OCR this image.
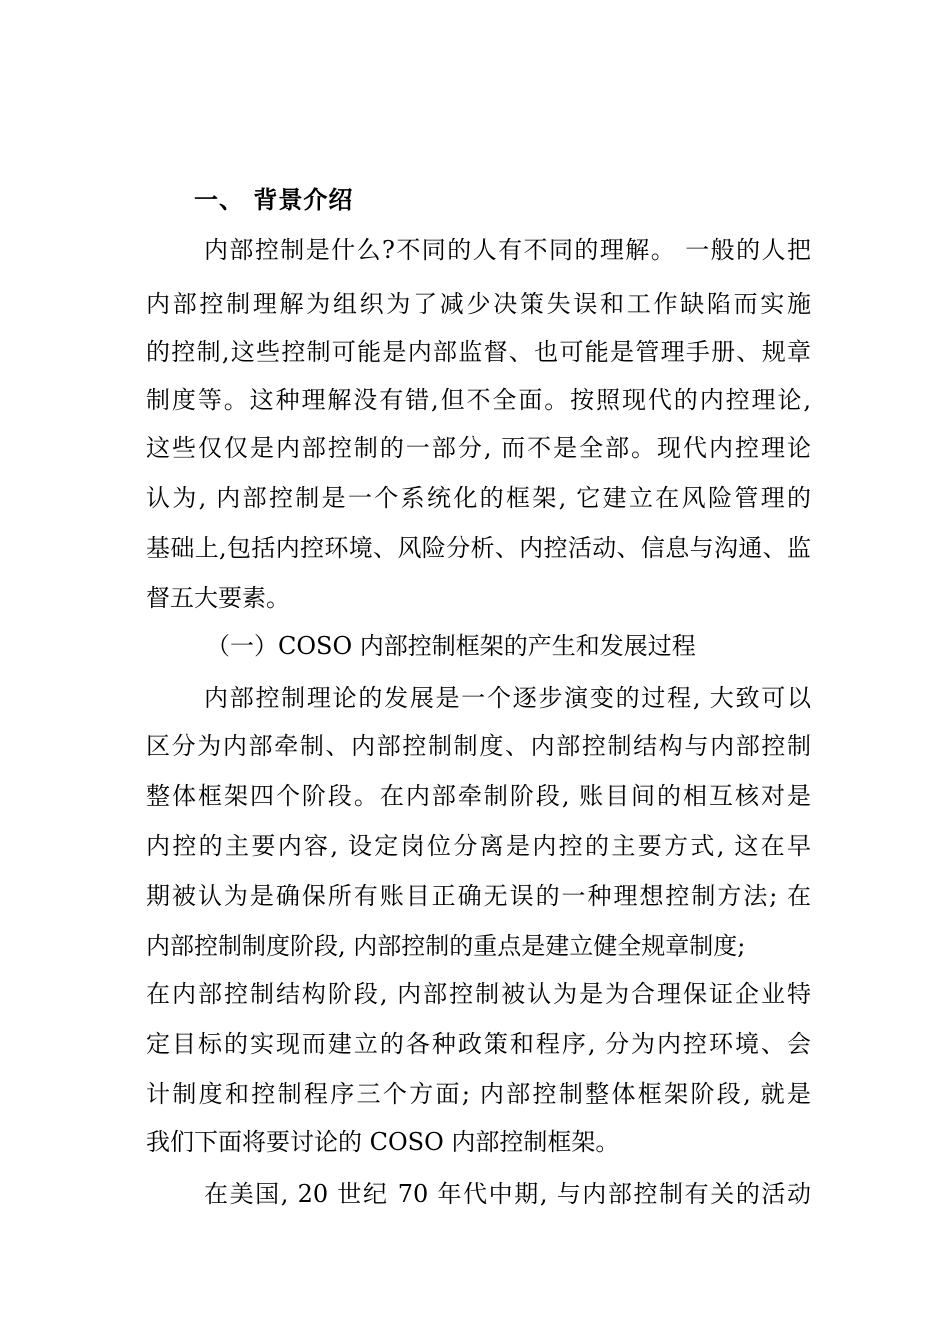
一、 背景介绍
内部控制是什么?不同的人有不同的理解。 一般的人把
内部控制理解为组织为了减少决策失误和工作缺陷而实施
的控制,这些控制可能是内部监督、也可能是管理手册、规章
制度等。这种理解没有错,但不全面。按照现代的内控理论,
这些仅仅是内部控制的一部分, 而不是全部。现代内控理论
认为, 内部控制是一个系统化的框架, 它建立在风险管理的
基础上,包括内控环境、风险分析、内控活动、信息与沟通、监
督五大要素。
（一）COSO 内部控制框架的产生和发展过程
内部控制理论的发展是一个逐步演变的过程, 大致可以
区分为内部牵制、内部控制制度、内部控制结构与内部控制
整体框架四个阶段。在内部牵制阶段, 账目间的相互核对是
内控的主要内容, 设定岗位分离是内控的主要方式, 这在早
期被认为是确保所有账目正确无误的一种理想控制方法; 在
内部控制制度阶段, 内部控制的重点是建立健全规章制度;
在内部控制结构阶段, 内部控制被认为是为合理保证企业特
定目标的实现而建立的各种政策和程序, 分为内控环境、会
计制度和控制程序三个方面; 内部控制整体框架阶段, 就是
我们下面将要讨论的 COSO 内部控制框架。
在美国, 20 世纪 70 年代中期, 与内部控制有关的活动
